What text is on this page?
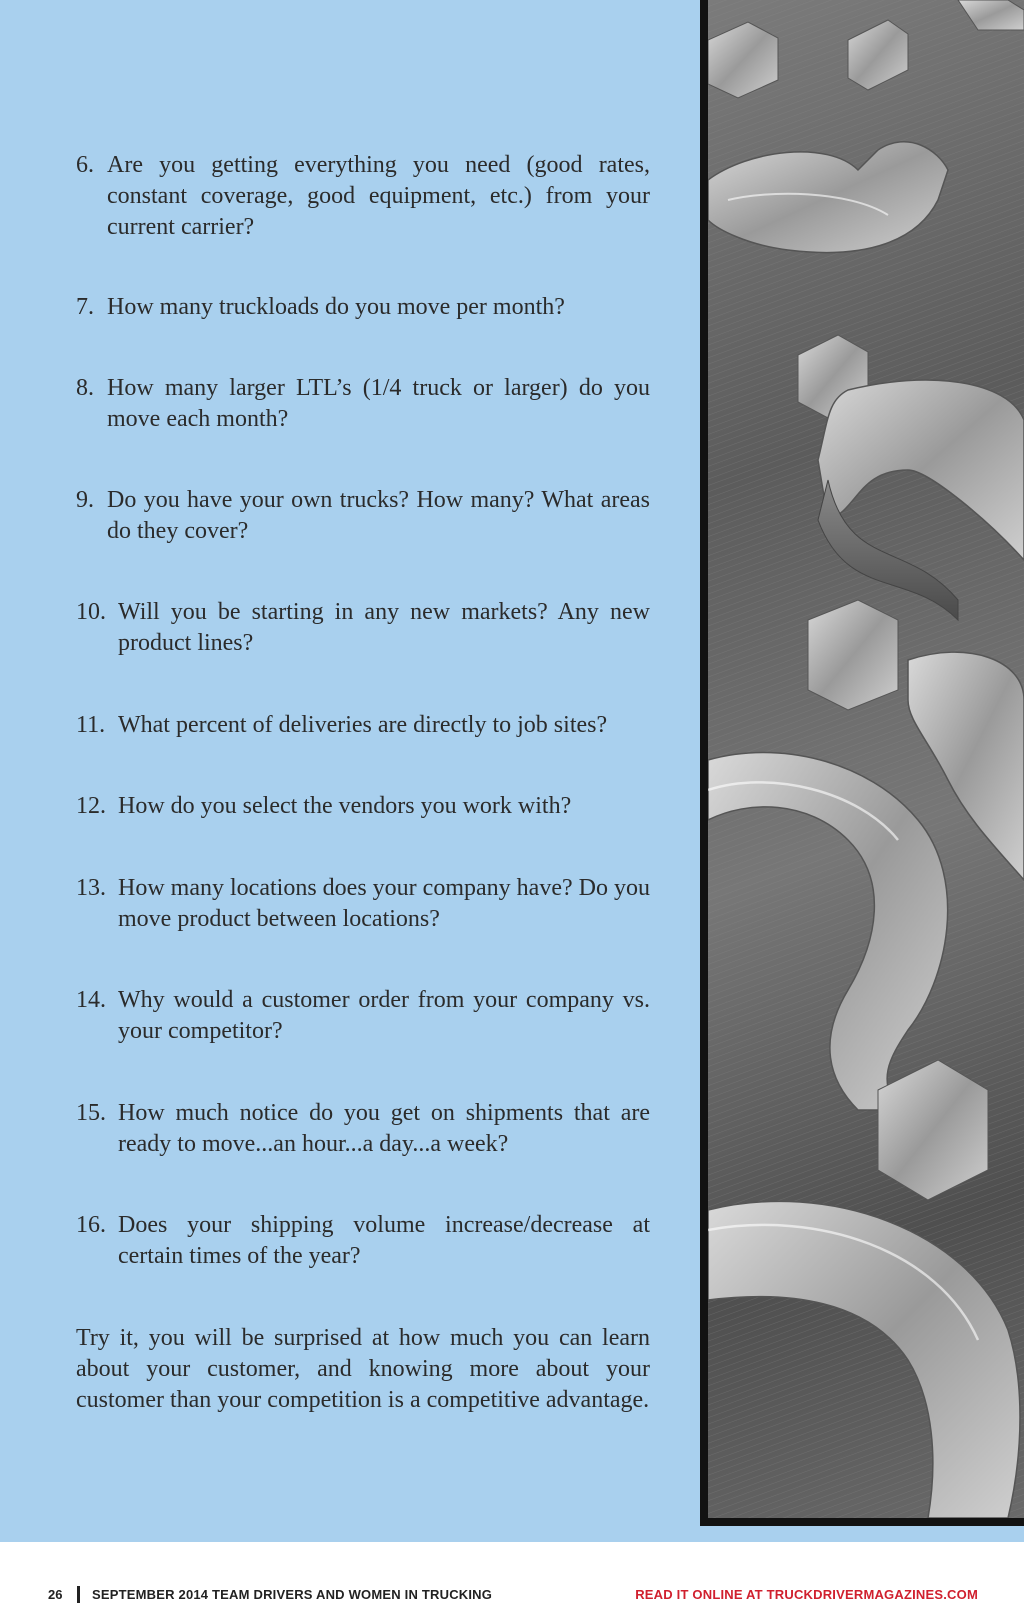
6. Are you getting everything you need (good rates, constant coverage, good equipment, etc.) from your current carrier?
7. How many truckloads do you move per month?
8. How many larger LTL’s (1/4 truck or larger) do you move each month?
9. Do you have your own trucks? How many? What areas do they cover?
10. Will you be starting in any new markets? Any new product lines?
11. What percent of deliveries are directly to job sites?
12. How do you select the vendors you work with?
13. How many locations does your company have? Do you move product between locations?
14. Why would a customer order from your company vs. your competitor?
15. How much notice do you get on shipments that are ready to move...an hour...a day...a week?
16. Does your shipping volume increase/decrease at certain times of the year?

Try it, you will be surprised at how much you can learn about your customer, and knowing more about your customer than your competition is a competitive advantage.

26 SEPTEMBER 2014 TEAM DRIVERS AND WOMEN IN TRUCKING	READ IT ONLINE AT TRUCKDRIVERMAGAZINES.COM
